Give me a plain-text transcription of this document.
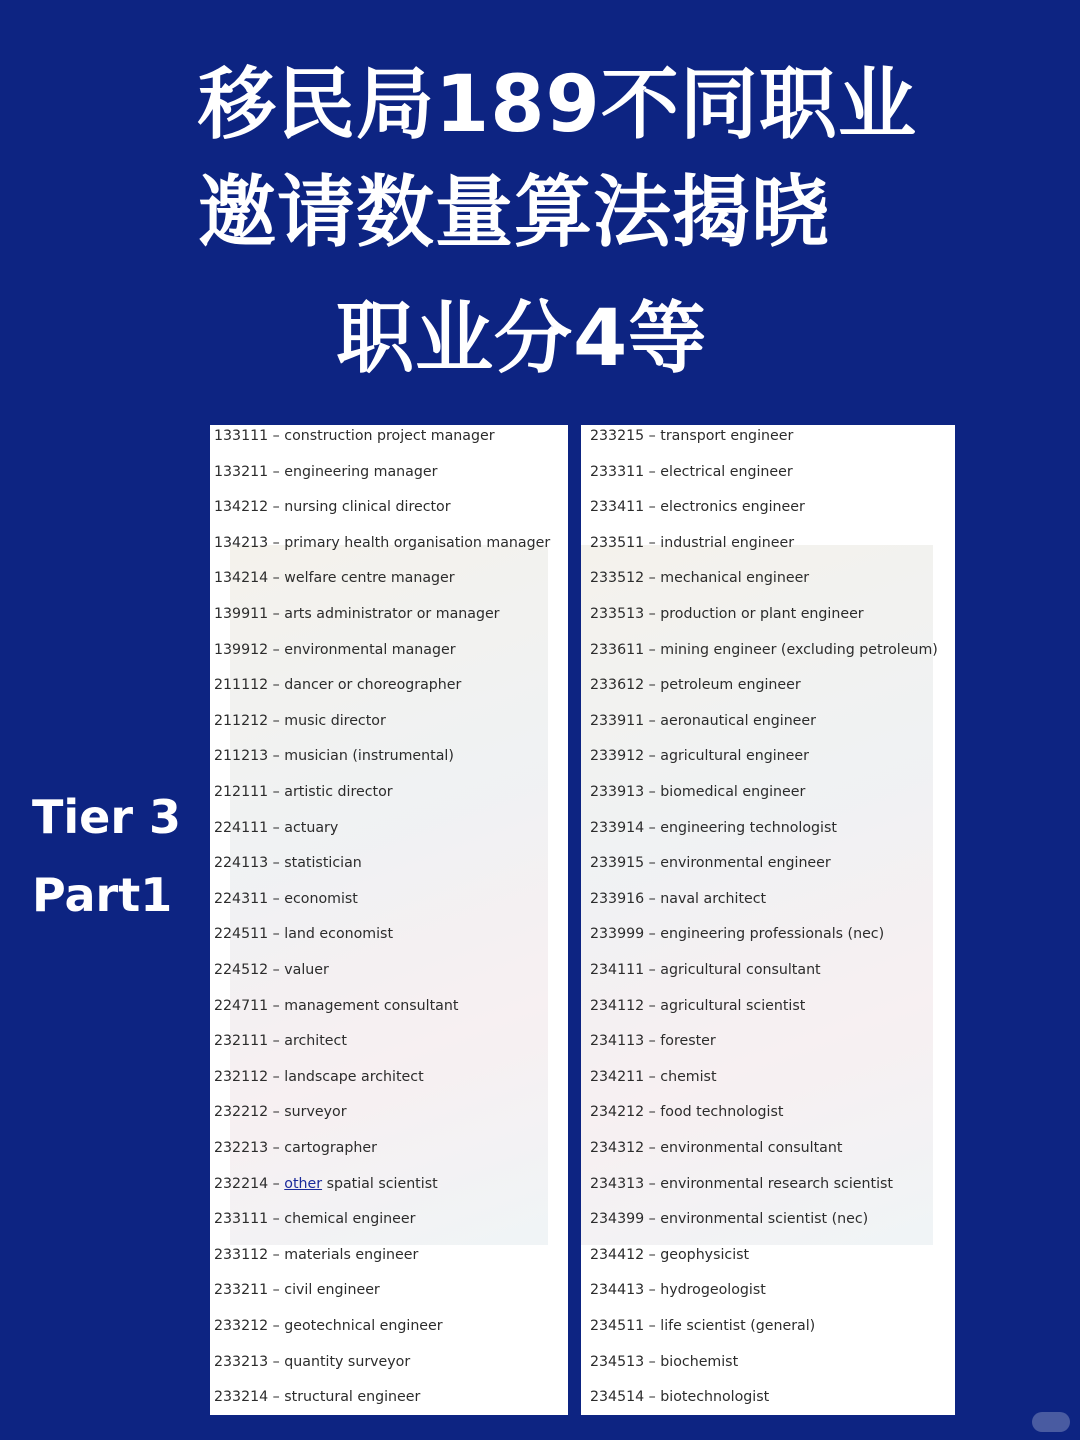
移民局189不同职业
邀请数量算法揭晓
职业分4等
Tier 3
Part1
133111 – construction project manager
133211 – engineering manager
134212 – nursing clinical director
134213 – primary health organisation manager
134214 – welfare centre manager
139911 – arts administrator or manager
139912 – environmental manager
211112 – dancer or choreographer
211212 – music director
211213 – musician (instrumental)
212111 – artistic director
224111 – actuary
224113 – statistician
224311 – economist
224511 – land economist
224512 – valuer
224711 – management consultant
232111 – architect
232112 – landscape architect
232212 – surveyor
232213 – cartographer
232214 – other spatial scientist
233111 – chemical engineer
233112 – materials engineer
233211 – civil engineer
233212 – geotechnical engineer
233213 – quantity surveyor
233214 – structural engineer
233215 – transport engineer
233311 – electrical engineer
233411 – electronics engineer
233511 – industrial engineer
233512 – mechanical engineer
233513 – production or plant engineer
233611 – mining engineer (excluding petroleum)
233612 – petroleum engineer
233911 – aeronautical engineer
233912 – agricultural engineer
233913 – biomedical engineer
233914 – engineering technologist
233915 – environmental engineer
233916 – naval architect
233999 – engineering professionals (nec)
234111 – agricultural consultant
234112 – agricultural scientist
234113 – forester
234211 – chemist
234212 – food technologist
234312 – environmental consultant
234313 – environmental research scientist
234399 – environmental scientist (nec)
234412 – geophysicist
234413 – hydrogeologist
234511 – life scientist (general)
234513 – biochemist
234514 – biotechnologist
